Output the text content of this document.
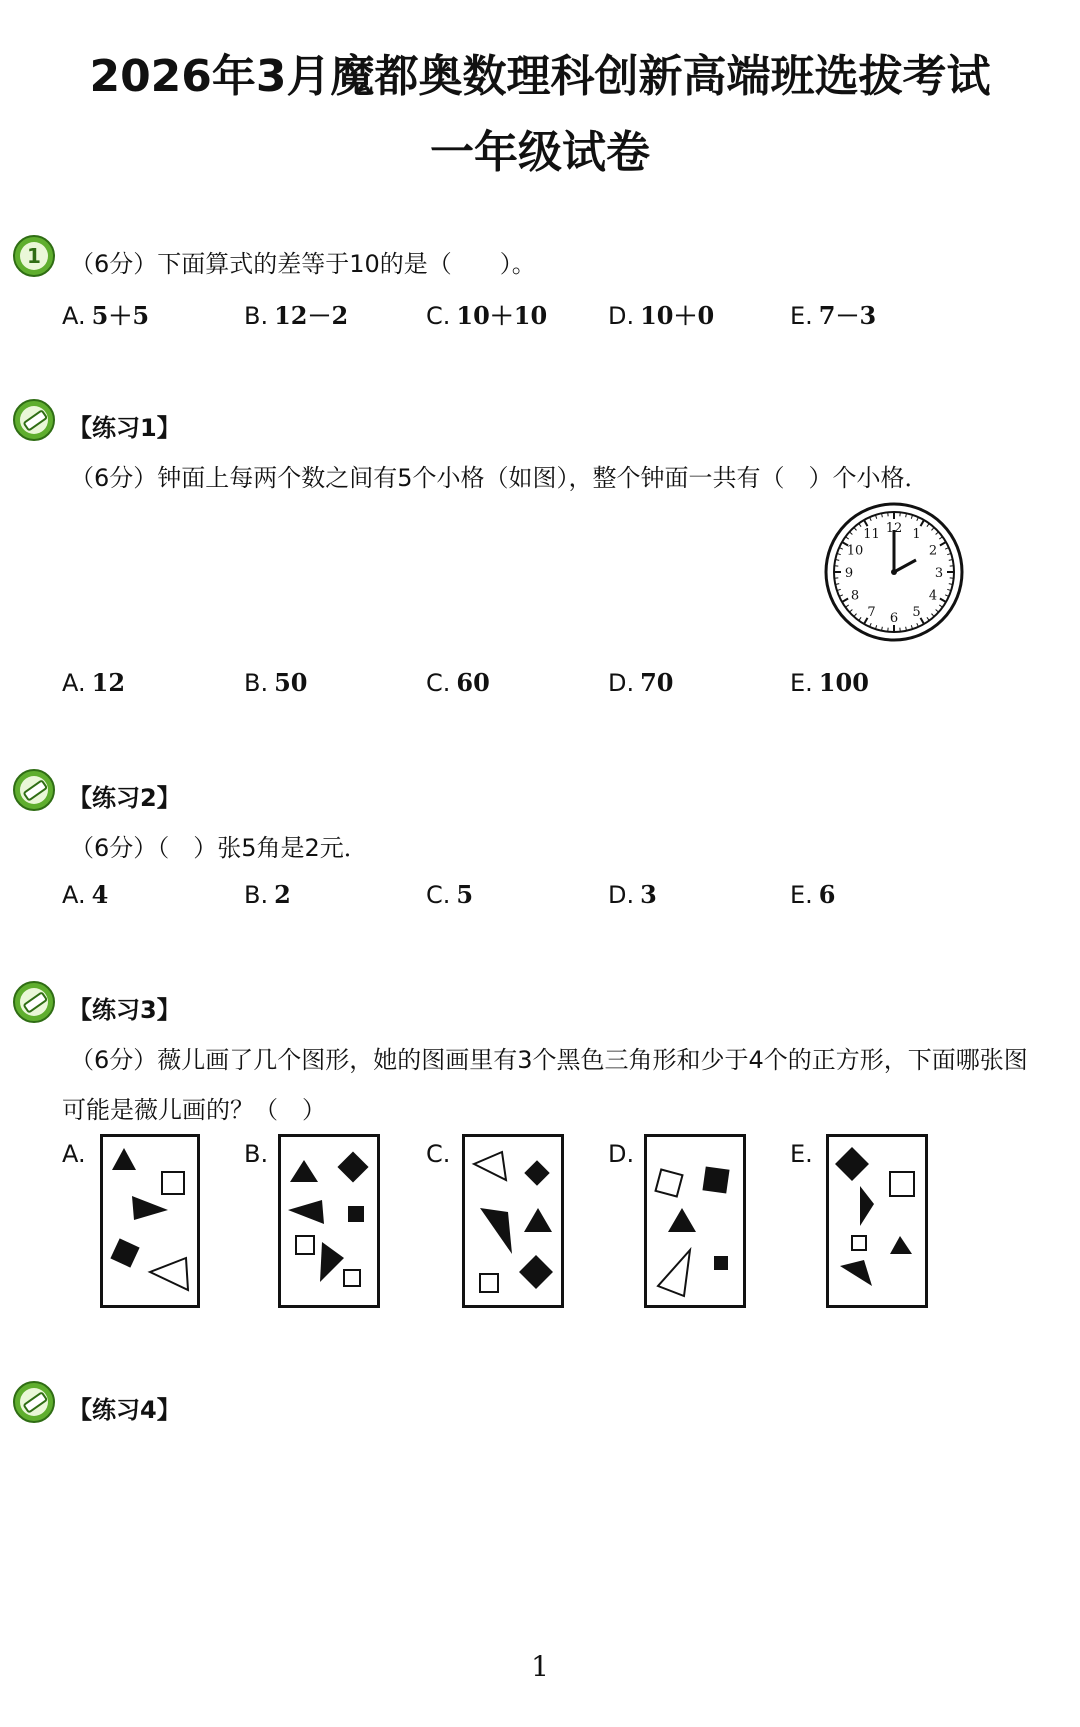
2026年3月魔都奥数理科创新高端班选拔考试
一年级试卷
1 （6分）下面算式的差等于10的是（　　）。
A. 5＋5	B. 12－2	C. 10＋10	D. 10＋0	E. 7－3
【练习1】
（6分）钟面上每两个数之间有5个小格（如图），整个钟面一共有（　）个小格．
12 1
2
3
4
5
6
7
8
9
10
11
A. 12	B. 50	C. 60	D. 70	E. 100
【练习2】
（6分）（　）张5角是2元．
A. 4	B. 2	C. 5	D. 3	E. 6
【练习3】
（6分）薇儿画了几个图形，她的图画里有3个黑色三角形和少于4个的正方形，下面哪张图
可能是薇儿画的？（　）
A.	B.	C.	D.	E.
【练习4】
1
